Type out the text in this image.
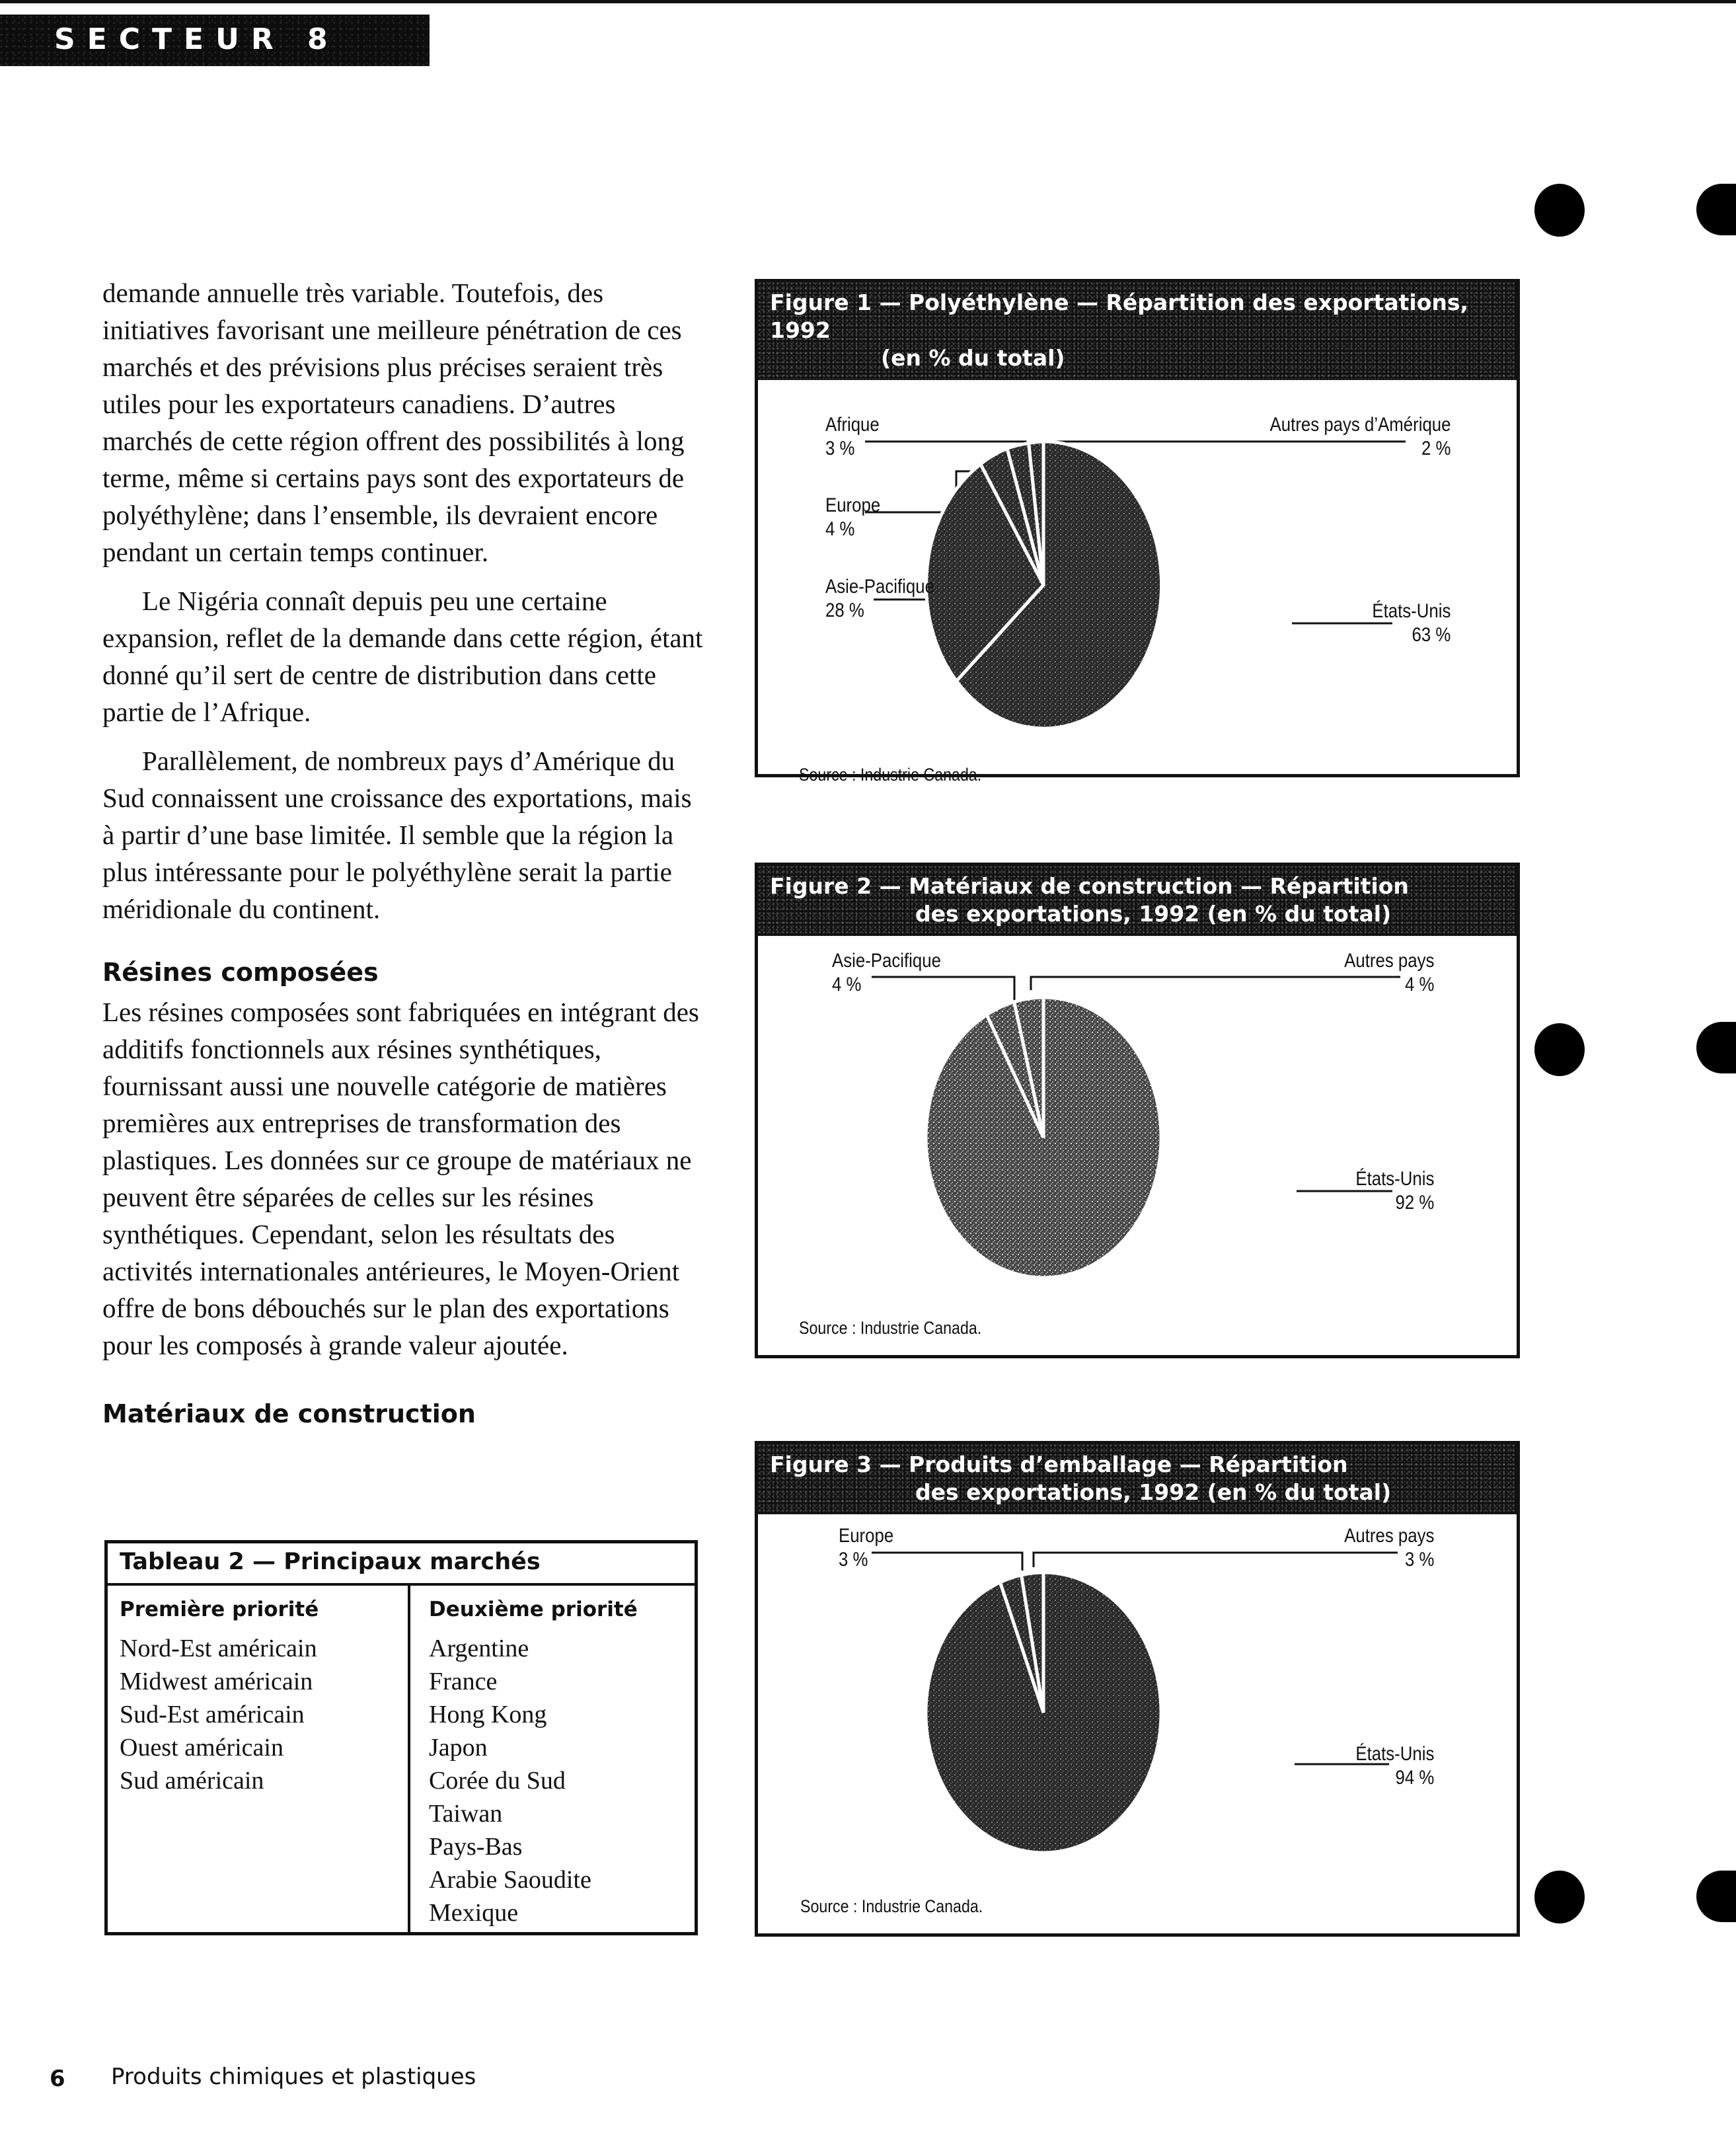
SECTEUR 8

demande annuelle très variable. Toutefois, des initiatives favorisant une meilleure pénétration de ces marchés et des prévisions plus précises seraient très utiles pour les exportateurs canadiens. D’autres marchés de cette région offrent des possibilités à long terme, même si certains pays sont des exportateurs de polyéthylène; dans l’ensemble, ils devraient encore pendant un certain temps continuer.

Le Nigéria connaît depuis peu une certaine expansion, reflet de la demande dans cette région, étant donné qu’il sert de centre de distribution dans cette partie de l’Afrique.

Parallèlement, de nombreux pays d’Amérique du Sud connaissent une croissance des exportations, mais à partir d’une base limitée. Il semble que la région la plus intéressante pour le polyéthylène serait la partie méridionale du continent.

Résines composées

Les résines composées sont fabriquées en intégrant des additifs fonctionnels aux résines synthétiques, fournissant aussi une nouvelle catégorie de matières premières aux entreprises de transformation des plastiques. Les données sur ce groupe de matériaux ne peuvent être séparées de celles sur les résines synthétiques. Cependant, selon les résultats des activités internationales antérieures, le Moyen-Orient offre de bons débouchés sur le plan des exportations pour les composés à grande valeur ajoutée.

Matériaux de construction
Tableau 2 — Principaux marchés
Première priorité
Nord-Est américain
Midwest américain
Sud-Est américain
Ouest américain
Sud américain
Deuxième priorité
Argentine
France
Hong Kong
Japon
Corée du Sud
Taiwan
Pays-Bas
Arabie Saoudite
Mexique
Figure 1 — Polyéthylène — Répartition des exportations, 1992
(en % du total)
Afrique
3 %
Autres pays d’Amérique
2 %
Europe
4 %
Asie-Pacifique
28 %	États-Unis
63 %
Source : Industrie Canada.
Figure 2 — Matériaux de construction — Répartition
des exportations, 1992 (en % du total)
Asie-Pacifique
4 %
Autres pays
4 %
États-Unis
92 %
Source : Industrie Canada.
Figure 3 — Produits d’emballage — Répartition
des exportations, 1992 (en % du total)
Europe
3 %
Autres pays
3 %
États-Unis
94 %
Source : Industrie Canada.
6 Produits chimiques et plastiques
